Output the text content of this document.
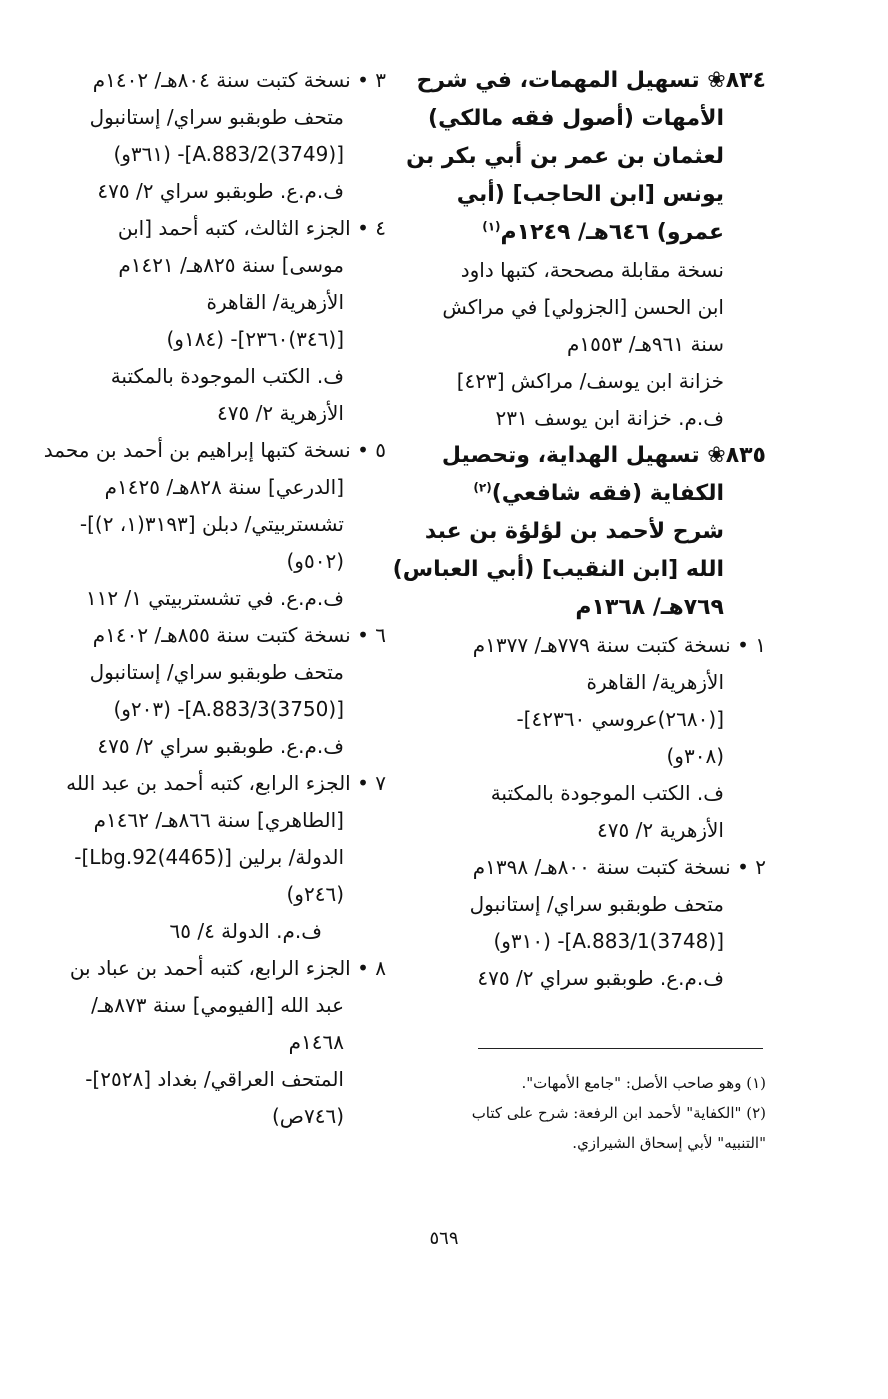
٨٣٤❀ تسهيل المهمات، في شرح
الأمهات (أصول فقه مالكي)
لعثمان بن عمر بن أبي بكر بن
يونس [ابن الحاجب] (أبي
عمرو) ٦٤٦هـ/ ١٢٤٩م$^{(١)}$
نسخة مقابلة مصححة، كتبها داود
ابن الحسن [الجزولي] في مراكش
سنة ٩٦١هـ/ ١٥٥٣م
خزانة ابن يوسف/ مراكش [٤٢٣]
ف.م. خزانة ابن يوسف ٢٣١
٨٣٥❀ تسهيل الهداية، وتحصيل
الكفاية (فقه شافعي)$^{(٢)}$
شرح لأحمد بن لؤلؤة بن عبد
الله [ابن النقيب] (أبي العباس)
٧٦٩هـ/ ١٣٦٨م
١ • نسخة كتبت سنة ٧٧٩هـ/ ١٣٧٧م
الأزهرية/ القاهرة
[(٢٦٨٠)عروسي ٤٢٣٦٠]-
(٣٠٨و)
ف. الكتب الموجودة بالمكتبة
الأزهرية ٢/ ٤٧٥
٢ • نسخة كتبت سنة ٨٠٠هـ/ ١٣٩٨م
متحف طوبقبو سراي/ إستانبول
[(3748)A.883/1]- (٣١٠و)
ف.م.ع. طوبقبو سراي ٢/ ٤٧٥
٣ • نسخة كتبت سنة ٨٠٤هـ/ ١٤٠٢م
متحف طوبقبو سراي/ إستانبول
[(3749)A.883/2]- (٣٦١و)
ف.م.ع. طوبقبو سراي ٢/ ٤٧٥
٤ • الجزء الثالث، كتبه أحمد [ابن
موسى] سنة ٨٢٥هـ/ ١٤٢١م
الأزهرية/ القاهرة
[(٣٤٦)٢٣٦٠]- (١٨٤و)
ف. الكتب الموجودة بالمكتبة
الأزهرية ٢/ ٤٧٥
٥ • نسخة كتبها إبراهيم بن أحمد بن محمد
[الدرعي] سنة ٨٢٨هـ/ ١٤٢٥م
تشستربيتي/ دبلن [٣١٩٣(١، ٢)]-
(٥٠٢و)
ف.م.ع. في تشستربيتي ١/ ١١٢
٦ • نسخة كتبت سنة ٨٥٥هـ/ ١٤٠٢م
متحف طوبقبو سراي/ إستانبول
[(3750)A.883/3]- (٢٠٣و)
ف.م.ع. طوبقبو سراي ٢/ ٤٧٥
٧ • الجزء الرابع، كتبه أحمد بن عبد الله
[الطاهري] سنة ٨٦٦هـ/ ١٤٦٢م
الدولة/ برلين [(4465)Lbg.92]-
(٢٤٦و)
ف.م. الدولة ٤/ ٦٥
٨ • الجزء الرابع، كتبه أحمد بن عباد بن
عبد الله [الفيومي] سنة ٨٧٣هـ/
١٤٦٨م
المتحف العراقي/ بغداد [٢٥٢٨]-
(٧٤٦ص)
(١) وهو صاحب الأصل: "جامع الأمهات".
(٢) "الكفاية" لأحمد ابن الرفعة: شرح على كتاب
"التنبيه" لأبي إسحاق الشيرازي.
٥٦٩
